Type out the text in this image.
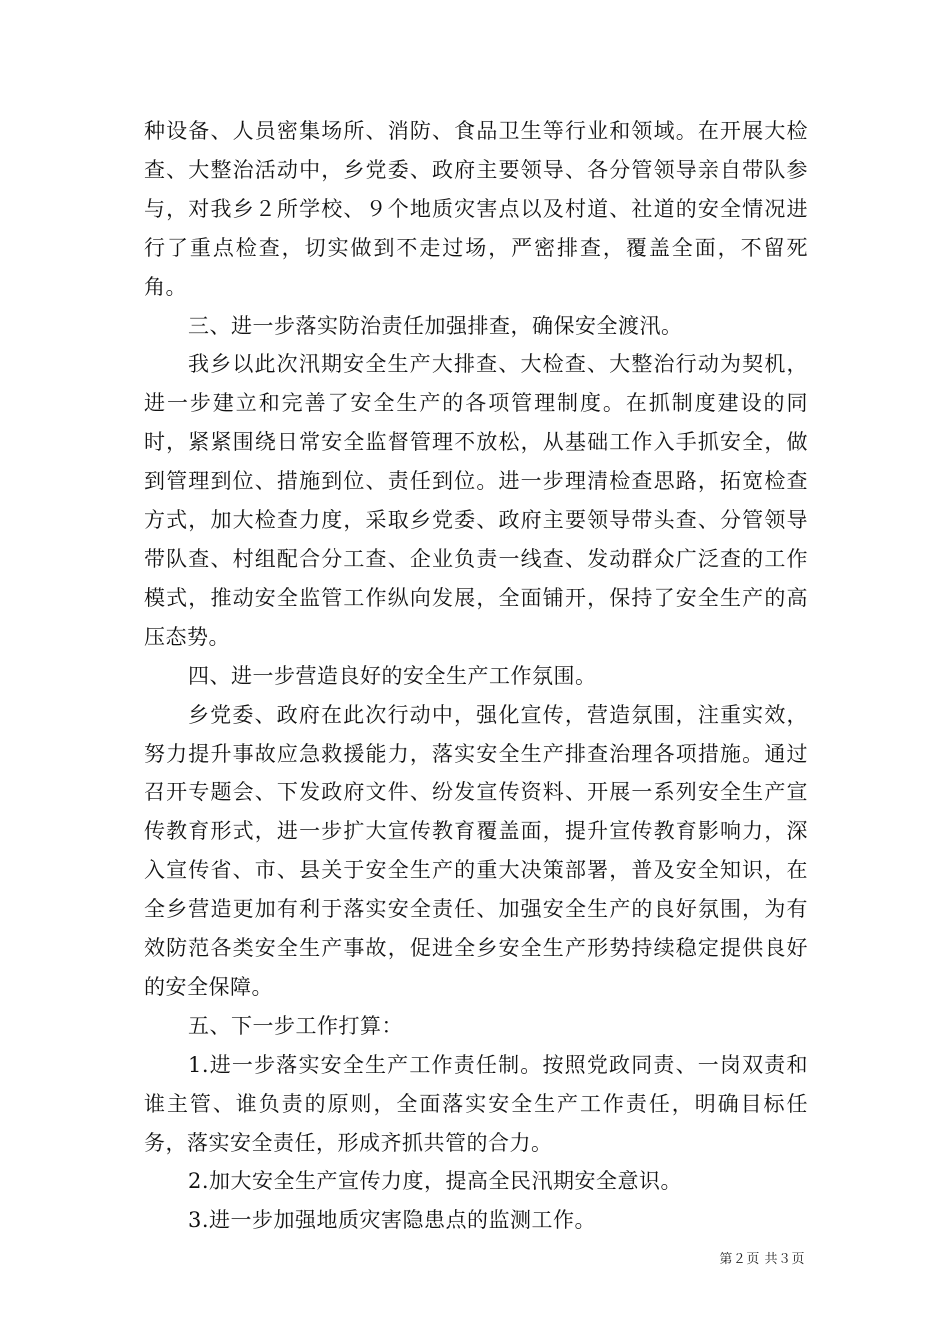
种设备、人员密集场所、消防、食品卫生等行业和领域。在开展大检查、大整治活动中，乡党委、政府主要领导、各分管领导亲自带队参与，对我乡２所学校、９个地质灾害点以及村道、社道的安全情况进行了重点检查，切实做到不走过场，严密排查，覆盖全面，不留死角。

三、进一步落实防治责任加强排查，确保安全渡汛。

我乡以此次汛期安全生产大排查、大检查、大整治行动为契机，进一步建立和完善了安全生产的各项管理制度。在抓制度建设的同时，紧紧围绕日常安全监督管理不放松，从基础工作入手抓安全，做到管理到位、措施到位、责任到位。进一步理清检查思路，拓宽检查方式，加大检查力度，采取乡党委、政府主要领导带头查、分管领导带队查、村组配合分工查、企业负责一线查、发动群众广泛查的工作模式，推动安全监管工作纵向发展，全面铺开，保持了安全生产的高压态势。

四、进一步营造良好的安全生产工作氛围。

乡党委、政府在此次行动中，强化宣传，营造氛围，注重实效，努力提升事故应急救援能力，落实安全生产排查治理各项措施。通过召开专题会、下发政府文件、纷发宣传资料、开展一系列安全生产宣传教育形式，进一步扩大宣传教育覆盖面，提升宣传教育影响力，深入宣传省、市、县关于安全生产的重大决策部署，普及安全知识，在全乡营造更加有利于落实安全责任、加强安全生产的良好氛围，为有效防范各类安全生产事故，促进全乡安全生产形势持续稳定提供良好的安全保障。

五、下一步工作打算：

1.进一步落实安全生产工作责任制。按照党政同责、一岗双责和谁主管、谁负责的原则，全面落实安全生产工作责任，明确目标任务，落实安全责任，形成齐抓共管的合力。

2.加大安全生产宣传力度，提高全民汛期安全意识。

3.进一步加强地质灾害隐患点的监测工作。

第２页 共３页
